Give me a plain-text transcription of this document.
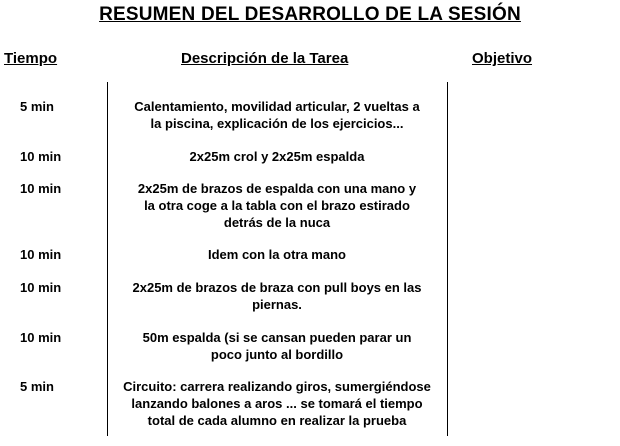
RESUMEN DEL DESARROLLO DE LA SESIÓN
Tiempo	Descripción de la Tarea	Objetivo
5 min	Calentamiento, movilidad articular, 2 vueltas a
la piscina, explicación de los ejercicios...
10 min	2x25m crol y 2x25m espalda
10 min	2x25m de brazos de espalda con una mano y
la otra coge a la tabla con el brazo estirado
detrás de la nuca
10 min	Idem con la otra mano
10 min	2x25m de brazos de braza con pull boys en las
piernas.
10 min	50m espalda (si se cansan pueden parar un
poco junto al bordillo
5 min	Circuito: carrera realizando giros, sumergiéndose
lanzando balones a aros ... se tomará el tiempo
total de cada alumno en realizar la prueba
